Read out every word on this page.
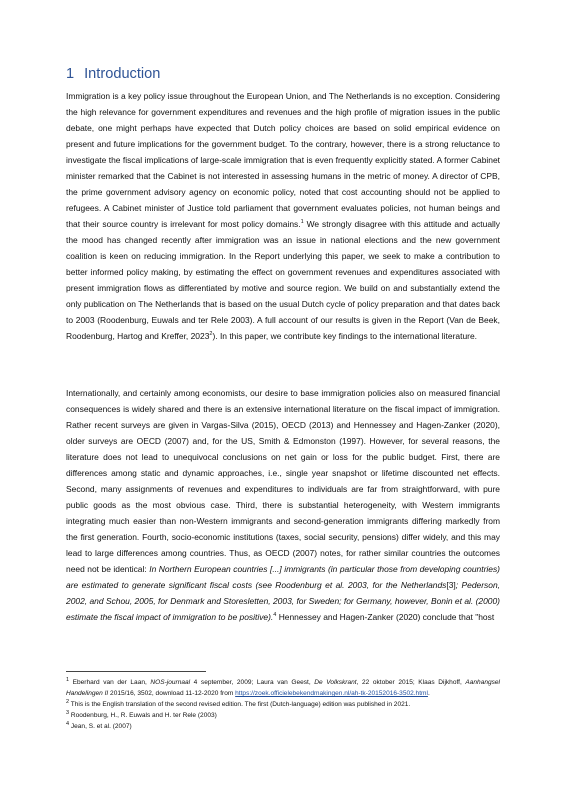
1 Introduction

Immigration is a key policy issue throughout the European Union, and The Netherlands is no exception. Considering the high relevance for government expenditures and revenues and the high profile of migration issues in the public debate, one might perhaps have expected that Dutch policy choices are based on solid empirical evidence on present and future implications for the government budget. To the contrary, however, there is a strong reluctance to investigate the fiscal implications of large-scale immigration that is even frequently explicitly stated. A former Cabinet minister remarked that the Cabinet is not interested in assessing humans in the metric of money. A director of CPB, the prime government advisory agency on economic policy, noted that cost accounting should not be applied to refugees. A Cabinet minister of Justice told parliament that government evaluates policies, not human beings and that their source country is irrelevant for most policy domains.$^1$ We strongly disagree with this attitude and actually the mood has changed recently after immigration was an issue in national elections and the new government coalition is keen on reducing immigration. In the Report underlying this paper, we seek to make a contribution to better informed policy making, by estimating the effect on government revenues and expenditures associated with present immigration flows as differentiated by motive and source region. We build on and substantially extend the only publication on The Netherlands that is based on the usual Dutch cycle of policy preparation and that dates back to 2003 (Roodenburg, Euwals and ter Rele 2003). A full account of our results is given in the Report (Van de Beek, Roodenburg, Hartog and Kreffer, 2023$^2$). In this paper, we contribute key findings to the international literature.

Internationally, and certainly among economists, our desire to base immigration policies also on measured financial consequences is widely shared and there is an extensive international literature on the fiscal impact of immigration. Rather recent surveys are given in Vargas-Silva (2015), OECD (2013) and Hennessey and Hagen-Zanker (2020), older surveys are OECD (2007) and, for the US, Smith & Edmonston (1997). However, for several reasons, the literature does not lead to unequivocal conclusions on net gain or loss for the public budget. First, there are differences among static and dynamic approaches, i.e., single year snapshot or lifetime discounted net effects. Second, many assignments of revenues and expenditures to individuals are far from straightforward, with pure public goods as the most obvious case. Third, there is substantial heterogeneity, with Western immigrants integrating much easier than non-Western immigrants and second-generation immigrants differing markedly from the first generation. Fourth, socio-economic institutions (taxes, social security, pensions) differ widely, and this may lead to large differences among countries. Thus, as OECD (2007) notes, for rather similar countries the outcomes need not be identical: In Northern European countries [...] immigrants (in particular those from developing countries) are estimated to generate significant fiscal costs (see Roodenburg et al. 2003, for the Netherlands[3]; Pederson, 2002, and Schou, 2005, for Denmark and Storesletten, 2003, for Sweden; for Germany, however, Bonin et al. (2000) estimate the fiscal impact of immigration to be positive).$^4$ Hennessey and Hagen-Zanker (2020) conclude that "host

$^1$ Eberhard van der Laan, NOS-journaal 4 september, 2009; Laura van Geest, De Volkskrant, 22 oktober 2015; Klaas Dijkhoff, Aanhangsel Handelingen II 2015/16, 3502, download 11-12-2020 from https://zoek.officielebekendmakingen.nl/ah-tk-20152016-3502.html.
$^2$ This is the English translation of the second revised edition. The first (Dutch-language) edition was published in 2021.
$^3$ Roodenburg, H., R. Euwals and H. ter Rele (2003)
$^4$ Jean, S. et al. (2007)
